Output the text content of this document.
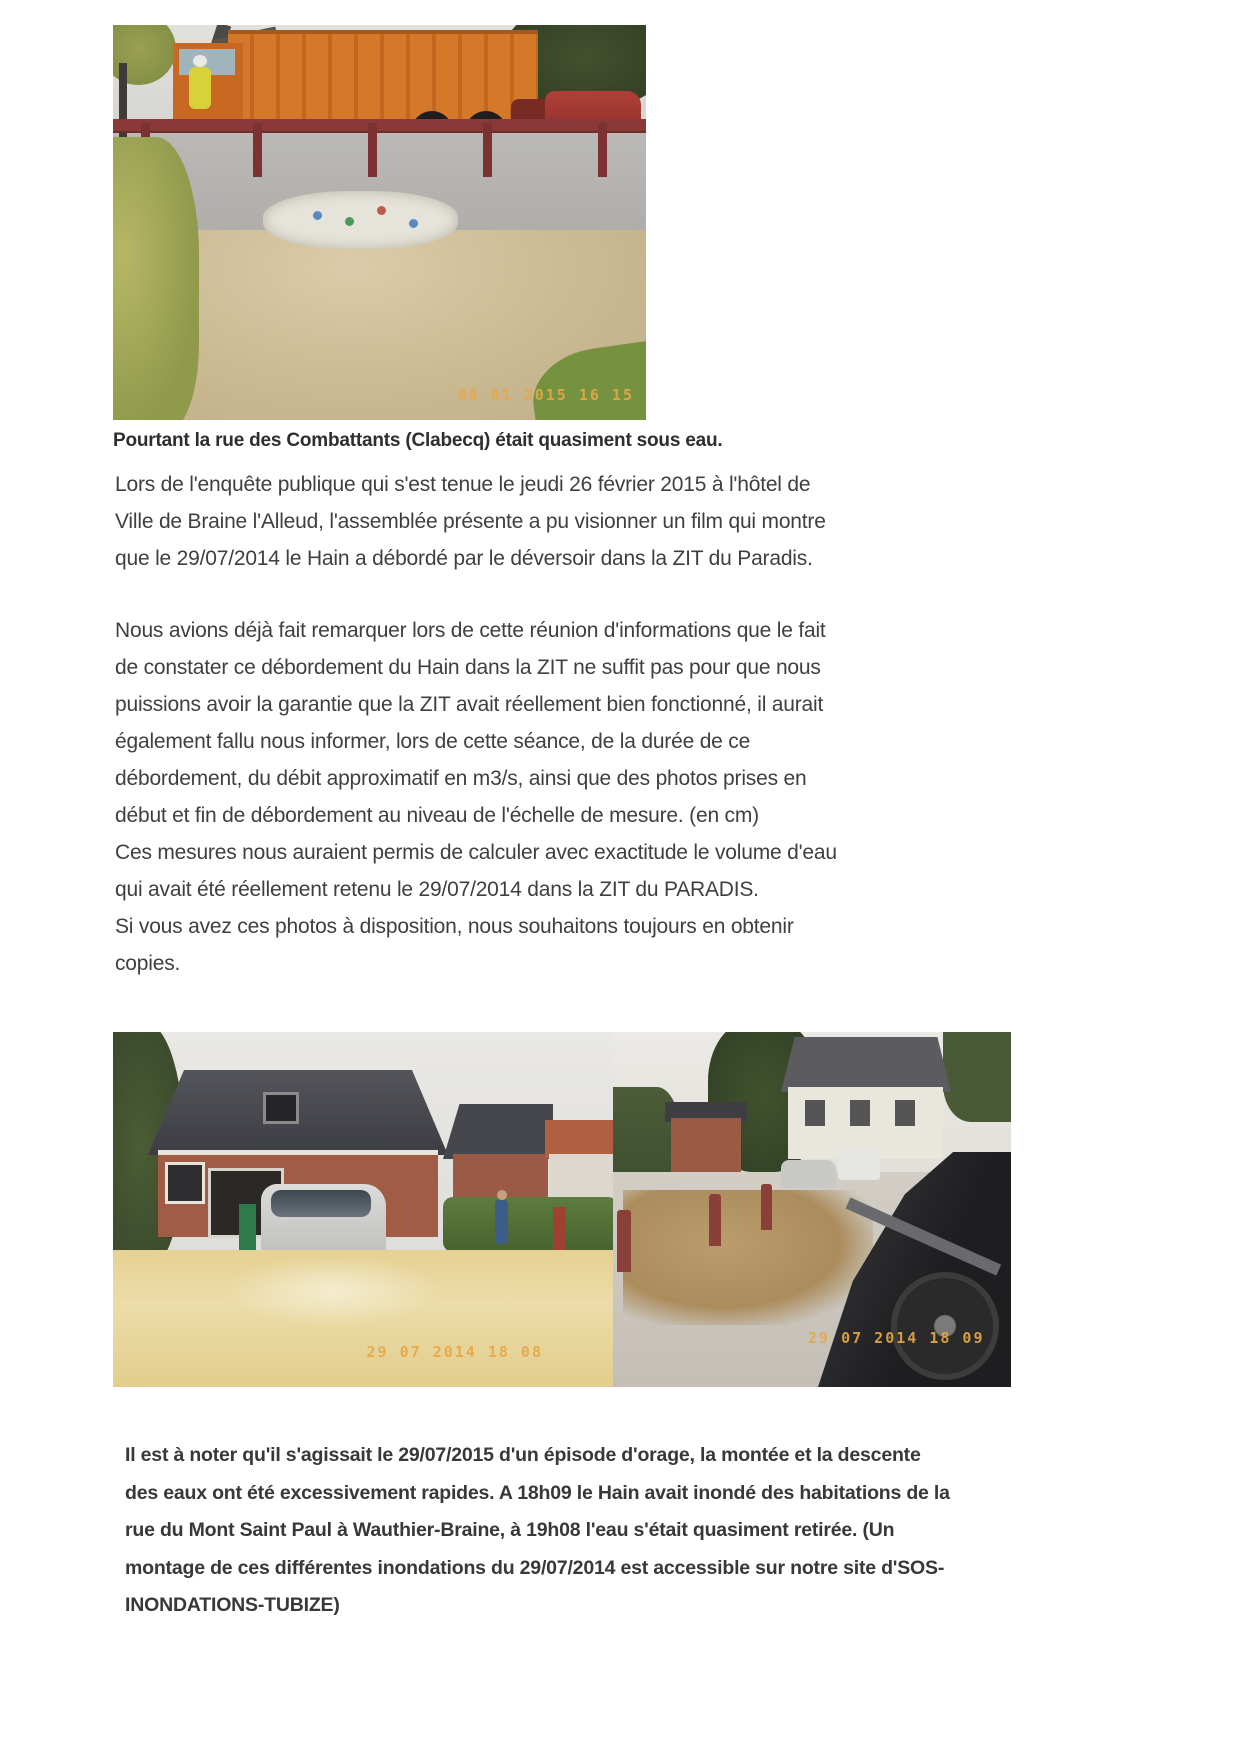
08 01 2015 16 15

Pourtant la rue des Combattants (Clabecq) était quasiment sous eau.

Lors de l'enquête publique qui s'est tenue le jeudi 26 février 2015 à l'hôtel de
Ville de Braine l'Alleud, l'assemblée présente a pu visionner un film qui montre
que le 29/07/2014 le Hain a débordé par le déversoir dans la ZIT du Paradis.
Nous avions déjà fait remarquer lors de cette réunion d'informations que le fait
de constater ce débordement du Hain dans la ZIT ne suffit pas pour que nous
puissions avoir la garantie que la ZIT avait réellement bien fonctionné, il aurait
également fallu nous informer, lors de cette séance, de la durée de ce
débordement, du débit approximatif en m3/s, ainsi que des photos prises en
début et fin de débordement au niveau de l'échelle de mesure. (en cm)
Ces mesures nous auraient permis de calculer avec exactitude le volume d'eau
qui avait été réellement retenu le 29/07/2014 dans la ZIT du PARADIS.
Si vous avez ces photos à disposition, nous souhaitons toujours en obtenir
copies.
29 07 2014 18 08
29 07 2014 18 09
Il est à noter qu'il s'agissait le 29/07/2015 d'un épisode d'orage, la montée et la descente
des eaux ont été excessivement rapides. A 18h09 le Hain avait inondé des habitations de la
rue du Mont Saint Paul à Wauthier-Braine, à 19h08 l'eau s'était quasiment retirée. (Un
montage de ces différentes inondations du 29/07/2014 est accessible sur notre site d'SOS-
INONDATIONS-TUBIZE)
